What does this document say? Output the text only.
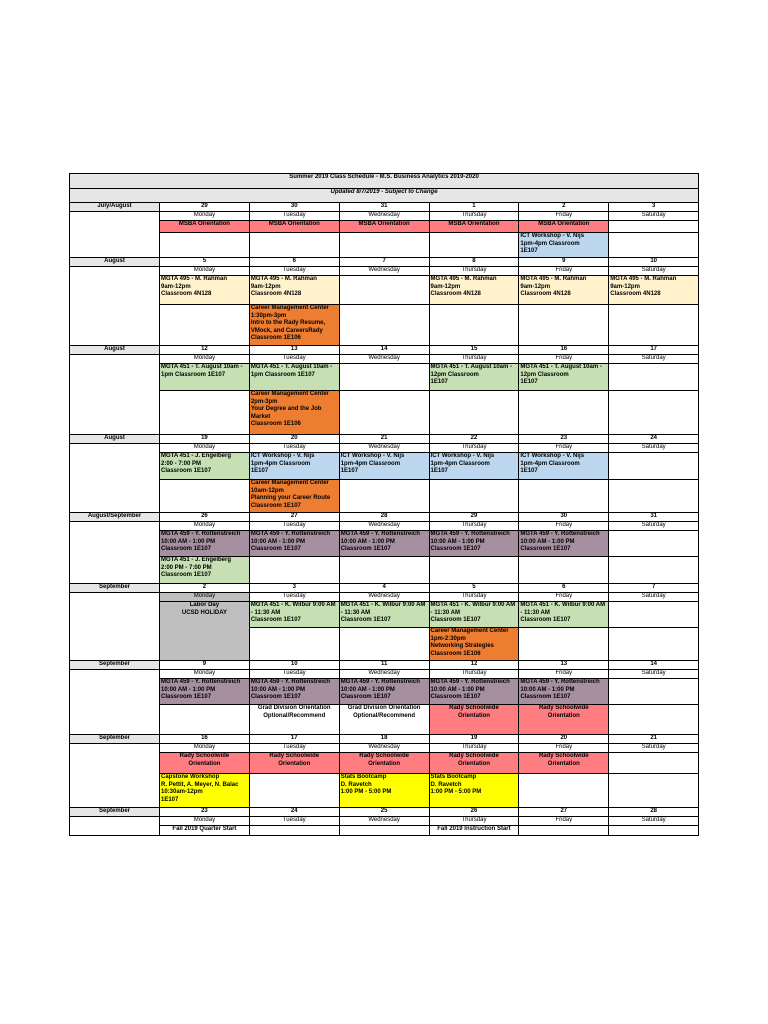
Summer 2019 Class Schedule - M.S. Business Analytics 2019-2020						
Updated 8/7/2019 - Subject to Change						
July/August	29	30	31	1	2	3
	Monday	Tuesday	Wednesday	Thursday	Friday	Saturday
	MSBA Orientation	MSBA Orientation	MSBA Orientation	MSBA Orientation	MSBA Orientation	
					ICT Workshop - V. Nijs
1pm-4pm Classroom
1E107	
August	5	6	7	8	9	10
	Monday	Tuesday	Wednesday	Thursday	Friday	Saturday
	MGTA 495 - M. Rahman
9am-12pm
Classroom 4N128	MGTA 495 - M. Rahman
9am-12pm
Classroom 4N128		MGTA 495 - M. Rahman
9am-12pm
Classroom 4N128	MGTA 495 - M. Rahman
9am-12pm
Classroom 4N128	MGTA 495 - M. Rahman
9am-12pm
Classroom 4N128
		Career Management Center
1:30pm-3pm
Intro to the Rady Resume, VMock, and CareersRady
Classroom 1E106				
August	12	13	14	15	16	17
	Monday	Tuesday	Wednesday	Thursday	Friday	Saturday
	MGTA 451 - T. August 10am - 1pm Classroom 1E107	MGTA 451 - T. August 10am - 1pm Classroom 1E107		MGTA 451 - T. August 10am - 12pm Classroom
1E107	MGTA 451 - T. August 10am - 12pm Classroom
1E107	
		Career Management Center
2pm-3pm
Your Degree and the Job Market
Classroom 1E106				
August	19	20	21	22	23	24
	Monday	Tuesday	Wednesday	Thursday	Friday	Saturday
	MGTA 451 - J. Engelberg
2:00 - 7:00 PM
Classroom 1E107	ICT Workshop - V. Nijs
1pm-4pm Classroom
1E107	ICT Workshop - V. Nijs
1pm-4pm Classroom
1E107	ICT Workshop - V. Nijs
1pm-4pm Classroom
1E107	ICT Workshop - V. Nijs
1pm-4pm Classroom
1E107	
		Career Management Center
10am-12pm
Planning your Career Route
Classroom 1E107				
August/September	26	27	28	29	30	31
	Monday	Tuesday	Wednesday	Thursday	Friday	Saturday
	MGTA 459 - Y. Rottenstreich
10:00 AM - 1:00 PM
Classroom 1E107	MGTA 459 - Y. Rottenstreich
10:00 AM - 1:00 PM
Classroom 1E107	MGTA 459 - Y. Rottenstreich
10:00 AM - 1:00 PM
Classroom 1E107	MGTA 459 - Y. Rottenstreich
10:00 AM - 1:00 PM
Classroom 1E107	MGTA 459 - Y. Rottenstreich
10:00 AM - 1:00 PM
Classroom 1E107	
	MGTA 451 - J. Engelberg
2:00 PM - 7:00 PM
Classroom 1E107					
September	2	3	4	5	6	7
	Monday	Tuesday	Wednesday	Thursday	Friday	Saturday
	Labor Day
UCSD HOLIDAY	MGTA 451 - K. Wilbur 9:00 AM - 11:30 AM
Classroom 1E107	MGTA 451 - K. Wilbur 9:00 AM - 11:30 AM
Classroom 1E107	MGTA 451 - K. Wilbur 9:00 AM - 11:30 AM
Classroom 1E107	MGTA 451 - K. Wilbur 9:00 AM - 11:30 AM
Classroom 1E107	
				Career Management Center
1pm-2:30pm
Networking Strategies
Classroom 1E106		
September	9	10	11	12	13	14
	Monday	Tuesday	Wednesday	Thursday	Friday	Saturday
	MGTA 459 - Y. Rottenstreich
10:00 AM - 1:00 PM
Classroom 1E107	MGTA 459 - Y. Rottenstreich
10:00 AM - 1:00 PM
Classroom 1E107	MGTA 459 - Y. Rottenstreich
10:00 AM - 1:00 PM
Classroom 1E107	MGTA 459 - Y. Rottenstreich
10:00 AM - 1:00 PM
Classroom 1E107	MGTA 459 - Y. Rottenstreich
10:00 AM - 1:00 PM
Classroom 1E107	
		Grad Division Orientation
Optional/Recommend	Grad Division Orientation
Optional/Recommend	Rady Schoolwide
Orientation	Rady Schoolwide
Orientation	
September	16	17	18	19	20	21
	Monday	Tuesday	Wednesday	Thursday	Friday	Saturday
	Rady Schoolwide
Orientation	Rady Schoolwide
Orientation	Rady Schoolwide
Orientation	Rady Schoolwide
Orientation	Rady Schoolwide
Orientation	
	Capstone Workshop
R. Pettit, A. Meyer, N. Balac
10:30am-12pm
1E107		Stats Bootcamp
D. Ravetch
1:00 PM - 5:00 PM	Stats Bootcamp
D. Ravetch
1:00 PM - 5:00 PM		
September	23	24	25	26	27	28
	Monday	Tuesday	Wednesday	Thursday	Friday	Saturday
	Fall 2019 Quarter Start			Fall 2019 Instruction Start		
